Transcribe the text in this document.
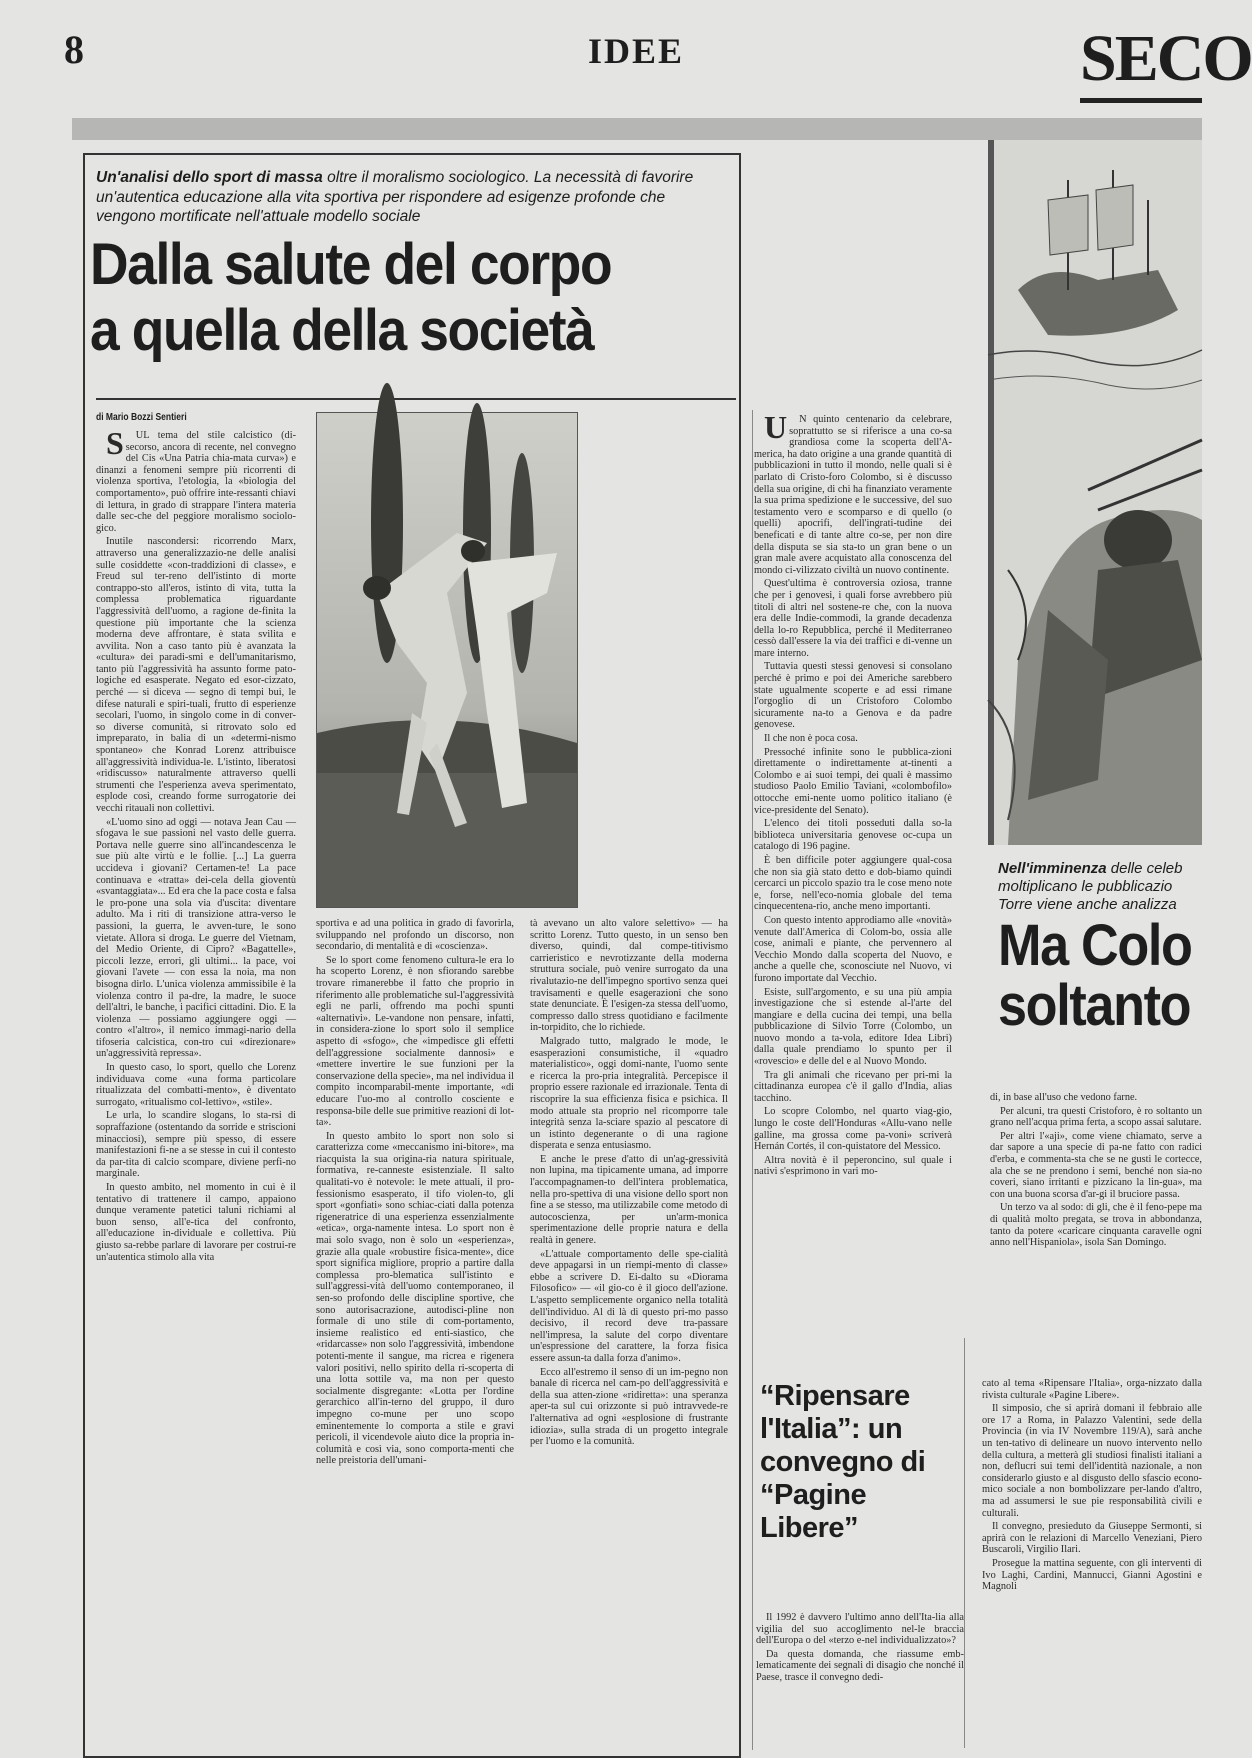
8	IDEE	SECO
Un'analisi dello sport di massa oltre il moralismo sociologico. La necessità di favorire un'autentica educazione alla vita sportiva per rispondere ad esigenze profonde che vengono mortificate nell'attuale modello sociale
Dalla salute del corpo
a quella della società
di Mario Bozzi Sentieri

SUL tema del stile calcistico (di-secorso, ancora di recente, nel convegno del Cis «Una Patria chia-mata curva») e dinanzi a fenomeni sempre più ricorrenti di violenza sportiva, l'etologia, la «biologia del comportamento», può offrire inte-ressanti chiavi di lettura, in grado di strappare l'intera materia dalle sec-che del peggiore moralismo sociolo-gico.

Inutile nascondersi: ricorrendo Marx, attraverso una generalizzazio-ne delle analisi sulle cosiddette «con-traddizioni di classe», e Freud sul ter-reno dell'istinto di morte contrappo-sto all'eros, istinto di vita, tutta la complessa problematica riguardante l'aggressività dell'uomo, a ragione de-finita la questione più importante che la scienza moderna deve affrontare, è stata svilita e avvilita. Non a caso tanto più è avanzata la «cultura» dei paradi-smi e dell'umanitarismo, tanto più l'aggressività ha assunto forme pato-logiche ed esasperate. Negato ed esor-cizzato, perché — si diceva — segno di tempi bui, le difese naturali e spiri-tuali, frutto di esperienze secolari, l'uomo, in singolo come in di conver-so diverse comunità, si ritrovato solo ed impreparato, in balia di un «determi-nismo spontaneo» che Konrad Lorenz attribuisce all'aggressività individua-le. L'istinto, liberatosi «ridiscusso» naturalmente attraverso quelli strumenti che l'esperienza aveva sperimentato, esplode così, creando forme surrogatorie dei vecchi ritauali non collettivi.

«L'uomo sino ad oggi — notava Jean Cau — sfogava le sue passioni nel vasto delle guerra. Portava nelle guerre sino all'incandescenza le sue più alte virtù e le follie. [...] La guerra uccideva i giovani? Certamen-te! La pace continuava e «tratta» dei-cela della gioventù «svantaggiata»... Ed era che la pace costa e falsa le pro-pone una sola via d'uscita: diventare adulto. Ma i riti di transizione attra-verso le passioni, la guerra, le avven-ture, le sono vietate. Allora si droga. Le guerre del Vietnam, del Medio Oriente, di Cipro? «Bagattelle», piccoli lezze, errori, gli ultimi... la pace, voi giovani l'avete — con essa la noia, ma non bisogna dirlo. L'unica violenza ammissibile è la violenza contro il pa-dre, la madre, le suoce dell'altri, le banche, i pacifici cittadini. Dio. E la violenza — possiamo aggiungere oggi — contro «l'altro», il nemico immagi-nario della tifoseria calcistica, con-tro cui «direzionare» un'aggressività repressa».

In questo caso, lo sport, quello che Lorenz individuava come «una forma particolare ritualizzata del combatti-mento», è diventato surrogato, «ritualismo col-lettivo», «stile».

Le urla, lo scandire slogans, lo sta-rsi di sopraffazione (ostentando da sorride e striscioni minacciosi), sempre più spesso, di essere manifestazioni fi-ne a se stesse in cui il contesto da par-tita di calcio scompare, diviene perfi-no marginale.

In questo ambito, nel momento in cui è il tentativo di trattenere il campo, appaiono dunque veramente patetici taluni richiami al buon senso, all'e-tica del confronto, all'educazione in-dividuale e collettiva. Più giusto sa-rebbe parlare di lavorare per costrui-re un'autentica stimolo alla vita

sportiva e ad una politica in grado di favorirla, sviluppando nel profondo un discorso, non secondario, di mentalità e di «coscienza».

Se lo sport come fenomeno cultura-le era lo ha scoperto Lorenz, è non sfiorando sarebbe trovare rimanerebbe il fatto che proprio in riferimento alle problematiche sul-l'aggressività egli ne parli, offrendo ma pochi spunti «alternativi». Le-vandone non pensare, infatti, in considera-zione lo sport solo il semplice aspetto di «sfogo», che «impedisce gli effetti dell'aggressione socialmente dannosi» e «mettere invertire le sue funzioni per la conservazione della specie», ma nel individua il compito incomparabil-mente importante, «di educare l'uo-mo al controllo cosciente e responsa-bile delle sue primitive reazioni di lot-ta».

In questo ambito lo sport non solo si caratterizza come «meccanismo ini-bitore», ma riacquista la sua origina-ria natura spirituale, formativa, re-canneste esistenziale. Il salto qualitati-vo è notevole: le mete attuali, il pro-fessionismo esasperato, il tifo violen-to, gli sport «gonfiati» sono schiac-ciati dalla potenza rigeneratrice di una esperienza essenzialmente «etica», orga-namente intesa. Lo sport non è mai solo svago, non è solo un «esperienza», grazie alla quale «robustire fisica-mente», dice sport significa migliore, proprio a partire dalla complessa pro-blematica sull'istinto e sull'aggressi-vità dell'uomo contemporaneo, il sen-so profondo delle discipline sportive, che sono autorisacrazione, autodisci-pline non formale di uno stile di com-portamento, insieme realistico ed enti-siastico, che «ridarcasse» non solo l'aggressività, imbendone potenti-mente il sangue, ma ricrea e rigenera valori positivi, nello spirito della ri-scoperta di una lotta sottile va, ma non per questo socialmente disgregante: «Lotta per l'ordine gerarchico all'in-terno del gruppo, il duro impegno co-mune per uno scopo eminentemente lo comporta a stile e gravi pericoli, il vicendevole aiuto dice la propria in-columità e così via, sono comporta-menti che nelle preistoria dell'umani-

tà avevano un alto valore selettivo» — ha scritto Lorenz. Tutto questo, in un senso ben diverso, quindi, dal compe-titivismo carrieristico e nevrotizzante della moderna struttura sociale, può venire surrogato da una rivalutazio-ne dell'impegno sportivo senza quei travisamenti e quelle esagerazioni che sono state denunciate. È l'esigen-za stessa dell'uomo, compresso dallo stress quotidiano e facilmente in-torpidito, che lo richiede.

Malgrado tutto, malgrado le mode, le esasperazioni consumistiche, il «quadro materialistico», oggi domi-nante, l'uomo sente e ricerca la pro-pria integralità. Percepisce il proprio essere razionale ed irrazionale. Tenta di riscoprire la sua efficienza fisica e psichica. Il modo attuale sta proprio nel ricomporre tale integrità senza la-sciare spazio al pescatore di un istinto degenerante o di una ragione disperata e senza entusiasmo.

E anche le prese d'atto di un'ag-gressività non lupina, ma tipicamente umana, ad imporre l'accompagnamen-to dell'intera problematica, nella pro-spettiva di una visione dello sport non fine a se stesso, ma utilizzabile come metodo di autocoscienza, per un'arm-monica sperimentazione delle proprie natura e della realtà in genere.

«L'attuale comportamento delle spe-cialità deve appagarsi in un riempi-mento di classe» ebbe a scrivere D. Ei-dalto su «Diorama Filosofico» — «il gio-co è il gioco dell'azione. L'aspetto semplicemente organico nella totalità dell'individuo. Al di là di questo pri-mo passo decisivo, il record deve tra-passare nell'impresa, la salute del corpo diventare un'espressione del carattere, la forza fisica essere assun-ta dalla forza d'animo».

Ecco all'estremo il senso di un im-pegno non banale di ricerca nel cam-po dell'aggressività e della sua atten-zione «ridiretta»: una speranza aper-ta sul cui orizzonte si può intravvede-re l'alternativa ad ogni «esplosione di frustrante idiozia», sulla strada di un progetto integrale per l'uomo e la comunità.

UN quinto centenario da celebrare, soprattutto se si riferisce a una co-sa grandiosa come la scoperta dell'A-merica, ha dato origine a una grande quantità di pubblicazioni in tutto il mondo, nelle quali si è parlato di Cristo-foro Colombo, si è discusso della sua origine, di chi ha finanziato veramente la sua prima spedizione e le successive, del suo testamento vero e scomparso e di quello (o quelli) apocrifi, dell'ingrati-tudine dei beneficati e di tante altre co-se, per non dire della disputa se sia sta-to un gran bene o un gran male avere acquistato alla conoscenza del mondo ci-vilizzato civiltà un nuovo continente.

Quest'ultima è controversia oziosa, tranne che per i genovesi, i quali forse avrebbero più titoli di altri nel sostene-re che, con la nuova era delle Indie-commodi, la grande decadenza della lo-ro Repubblica, perché il Mediterraneo cessò dall'essere la via dei traffici e di-venne un mare interno.

Tuttavia questi stessi genovesi si consolano perché è primo e poi dei Americhe sarebbero state ugualmente scoperte e ad essi rimane l'orgoglio di un Cristoforo Colombo sicuramente na-to a Genova e da padre genovese.

Il che non è poca cosa.

Pressoché infinite sono le pubblica-zioni direttamente o indirettamente at-tinenti a Colombo e ai suoi tempi, dei quali è massimo studioso Paolo Emilio Taviani, «colombofilo» ottocche emi-nente uomo politico italiano (è vice-presidente del Senato).

L'elenco dei titoli posseduti dalla so-la biblioteca universitaria genovese oc-cupa un catalogo di 196 pagine.

È ben difficile poter aggiungere qual-cosa che non sia già stato detto e dob-biamo quindi cercarci un piccolo spazio tra le cose meno note e, forse, nell'eco-nomia globale del tema cinquecentena-rio, anche meno importanti.

Con questo intento approdiamo alle «novità» venute dall'America di Colom-bo, ossia alle cose, animali e piante, che pervennero al Vecchio Mondo dalla scoperta del Nuovo, e anche a quelle che, sconosciute nel Nuovo, vi furono importate dal Vecchio.

Esiste, sull'argomento, e su una più ampia investigazione che si estende al-l'arte del mangiare e della cucina dei tempi, una bella pubblicazione di Silvio Torre (Colombo, un nuovo mondo a ta-vola, editore Idea Libri) dalla quale prendiamo lo spunto per il «rovescio» e delle del e al Nuovo Mondo.

Tra gli animali che ricevano per pri-mi la cittadinanza europea c'è il gallo d'India, alias tacchino.

Lo scopre Colombo, nel quarto viag-gio, lungo le coste dell'Honduras «Allu-vano nelle galline, ma grossa come pa-voni» scriverà Hernán Cortés, il con-quistatore del Messico.

Altra novità è il peperoncino, sul quale i nativi s'esprimono in vari mo-

Nell'imminenza delle celeb
moltiplicano le pubblicazio
Torre viene anche analizza
Ma Colo
soltanto

di, in base all'uso che vedono farne.

Per alcuni, tra questi Cristoforo, è ro soltanto un grano nell'acqua prima ferta, a scopo assai salutare.

Per altri l'«aji», come viene chiamato, serve a dar sapore a una specie di pa-ne fatto con radici d'erba, e commenta-sta che se ne gusti le cortecce, ala che se ne prendono i semi, benché non sia-no coveri, siano irritanti e pizzicano la lin-gua», ma con una buona scorsa d'ar-gi il bruciore passa.

Un terzo va al sodo: di gli, che è il feno-pepe ma di qualità molto pregata, se trova in abbondanza, tanto da potere «caricare cinquanta caravelle ogni anno nell'Hispaniola», isola San Domingo.

“Ripensare l'Italia”: un convegno di “Pagine Libere”

Il 1992 è davvero l'ultimo anno dell'Ita-lia alla vigilia del suo accoglimento nel-le braccia dell'Europa o del «terzo e-nel individualizzato»?

Da questa domanda, che riassume emb-lematicamente dei segnali di disagio che nonché il Paese, trasce il convegno dedi-

cato al tema «Ripensare l'Italia», orga-nizzato dalla rivista culturale «Pagine Libere».

Il simposio, che si aprirà domani il febbraio alle ore 17 a Roma, in Palazzo Valentini, sede della Provincia (in via IV Novembre 119/A), sarà anche un ten-tativo di delineare un nuovo intervento nello della cultura, a metterà gli studiosi finalisti italiani a non, deflucri sui temi dell'identità nazionale, a non considerarlo giusto e al disgusto dello sfascio econo-mico sociale a non bombolizzare per-lando d'altro, ma ad assumersi le sue pie responsabilità civili e culturali.

Il convegno, presieduto da Giuseppe Sermonti, si aprirà con le relazioni di Marcello Veneziani, Piero Buscaroli, Virgilio Ilari.

Prosegue la mattina seguente, con gli interventi di Ivo Laghi, Cardini, Mannucci, Gianni Agostini e Magnoli
